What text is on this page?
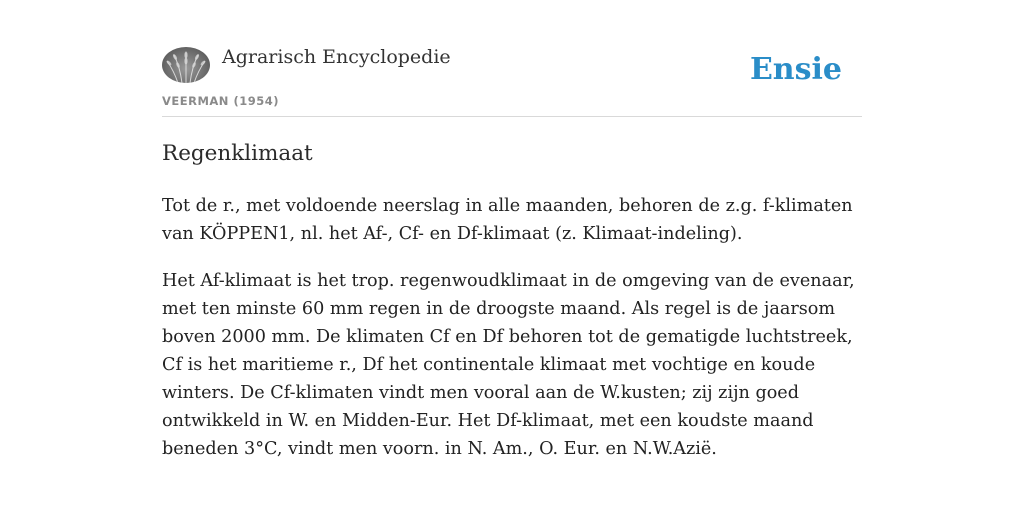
Agrarisch Encyclopedie
VEERMAN (1954)
Ensie
Regenklimaat

Tot de r., met voldoende neerslag in alle maanden, behoren de z.g. f-klimaten van KÖPPEN1, nl. het Af-, Cf- en Df-klimaat (z. Klimaat-indeling).

Het Af-klimaat is het trop. regenwoudklimaat in de omgeving van de evenaar, met ten minste 60 mm regen in de droogste maand. Als regel is de jaarsom boven 2000 mm. De klimaten Cf en Df behoren tot de gematigde luchtstreek, Cf is het maritieme r., Df het continentale klimaat met vochtige en koude winters. De Cf-klimaten vindt men vooral aan de W.kusten; zij zijn goed ontwikkeld in W. en Midden-Eur. Het Df-klimaat, met een koudste maand beneden 3°C, vindt men voorn. in N. Am., O. Eur. en N.W.Azië.
